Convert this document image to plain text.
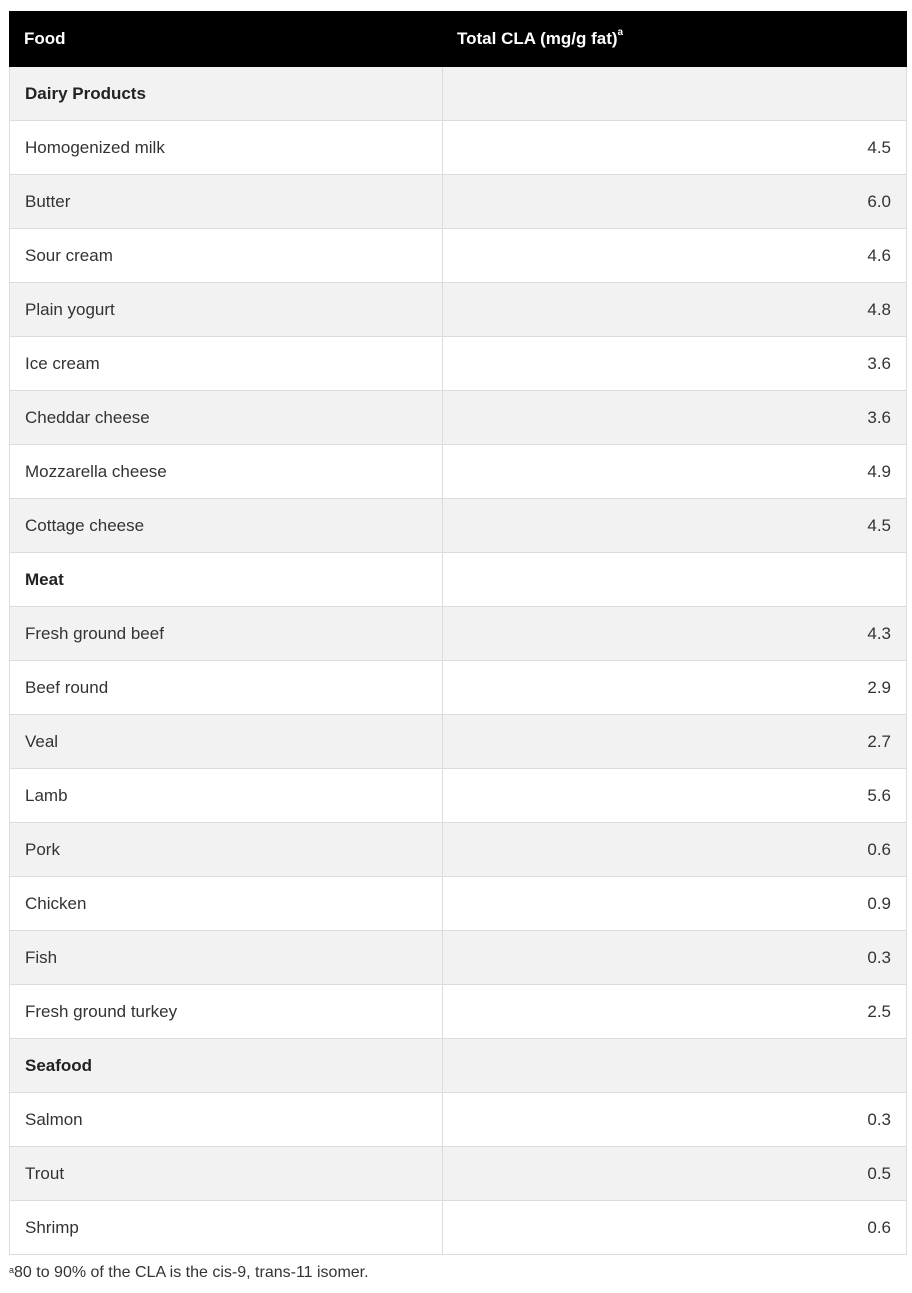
Food	Total CLA (mg/g fat)$^a$
Dairy Products	
Homogenized milk	4.5
Butter	6.0
Sour cream	4.6
Plain yogurt	4.8
Ice cream	3.6
Cheddar cheese	3.6
Mozzarella cheese	4.9
Cottage cheese	4.5
Meat	
Fresh ground beef	4.3
Beef round	2.9
Veal	2.7
Lamb	5.6
Pork	0.6
Chicken	0.9
Fish	0.3
Fresh ground turkey	2.5
Seafood	
Salmon	0.3
Trout	0.5
Shrimp	0.6
$^a$80 to 90% of the CLA is the cis-9, trans-11 isomer.
